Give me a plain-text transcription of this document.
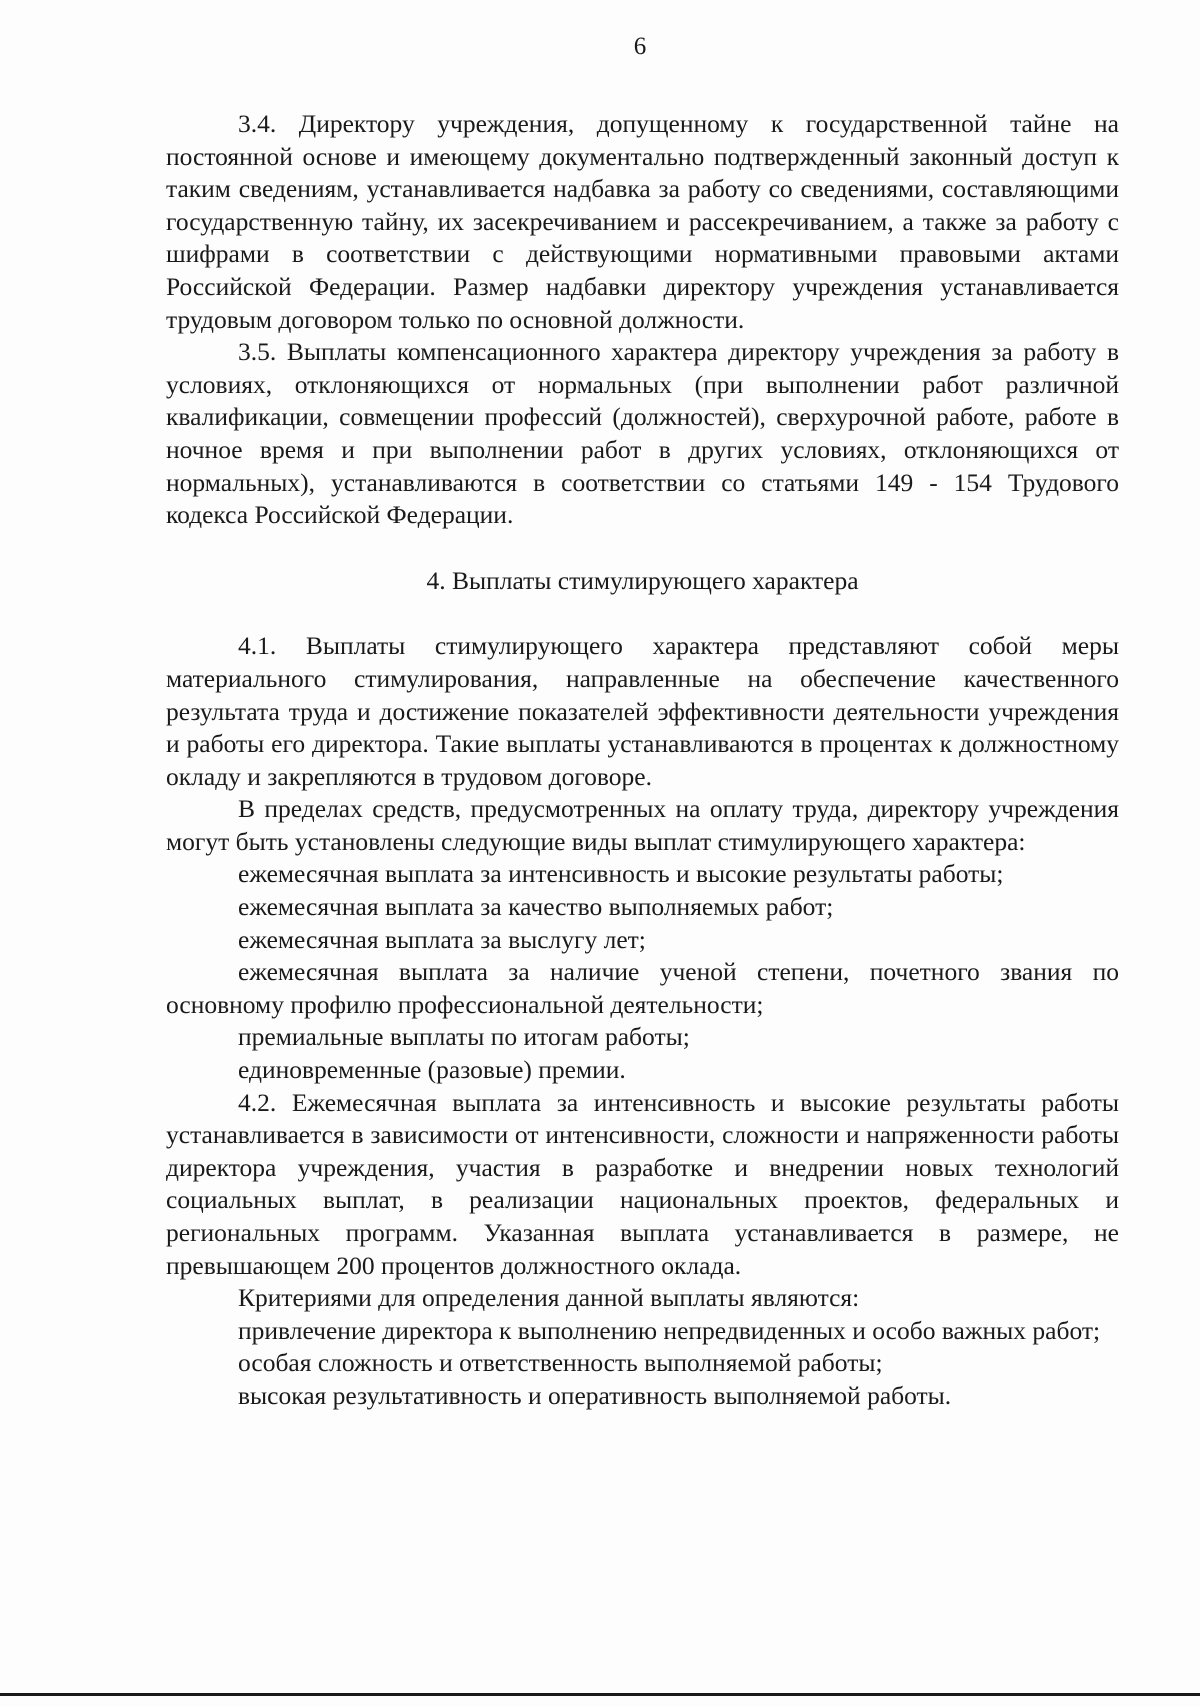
6

3.4. Директору учреждения, допущенному к государственной тайне на постоянной основе и имеющему документально подтвержденный законный доступ к таким сведениям, устанавливается надбавка за работу со сведениями, составляющими государственную тайну, их засекречиванием и рассекречиванием, а также за работу с шифрами в соответствии с действующими нормативными правовыми актами Российской Федерации. Размер надбавки директору учреждения устанавливается трудовым договором только по основной должности.

3.5. Выплаты компенсационного характера директору учреждения за работу в условиях, отклоняющихся от нормальных (при выполнении работ различной квалификации, совмещении профессий (должностей), сверхурочной работе, работе в ночное время и при выполнении работ в других условиях, отклоняющихся от нормальных), устанавливаются в соответствии со статьями 149 - 154 Трудового кодекса Российской Федерации.

4. Выплаты стимулирующего характера

4.1. Выплаты стимулирующего характера представляют собой меры материального стимулирования, направленные на обеспечение качественного результата труда и достижение показателей эффективности деятельности учреждения и работы его директора. Такие выплаты устанавливаются в процентах к должностному окладу и закрепляются в трудовом договоре.

В пределах средств, предусмотренных на оплату труда, директору учреждения могут быть установлены следующие виды выплат стимулирующего характера:

ежемесячная выплата за интенсивность и высокие результаты работы;

ежемесячная выплата за качество выполняемых работ;

ежемесячная выплата за выслугу лет;

ежемесячная выплата за наличие ученой степени, почетного звания по основному профилю профессиональной деятельности;

премиальные выплаты по итогам работы;

единовременные (разовые) премии.

4.2. Ежемесячная выплата за интенсивность и высокие результаты работы устанавливается в зависимости от интенсивности, сложности и напряженности работы директора учреждения, участия в разработке и внедрении новых технологий социальных выплат, в реализации национальных проектов, федеральных и региональных программ. Указанная выплата устанавливается в размере, не превышающем 200 процентов должностного оклада.

Критериями для определения данной выплаты являются:

привлечение директора к выполнению непредвиденных и особо важных работ;

особая сложность и ответственность выполняемой работы;

высокая результативность и оперативность выполняемой работы.
